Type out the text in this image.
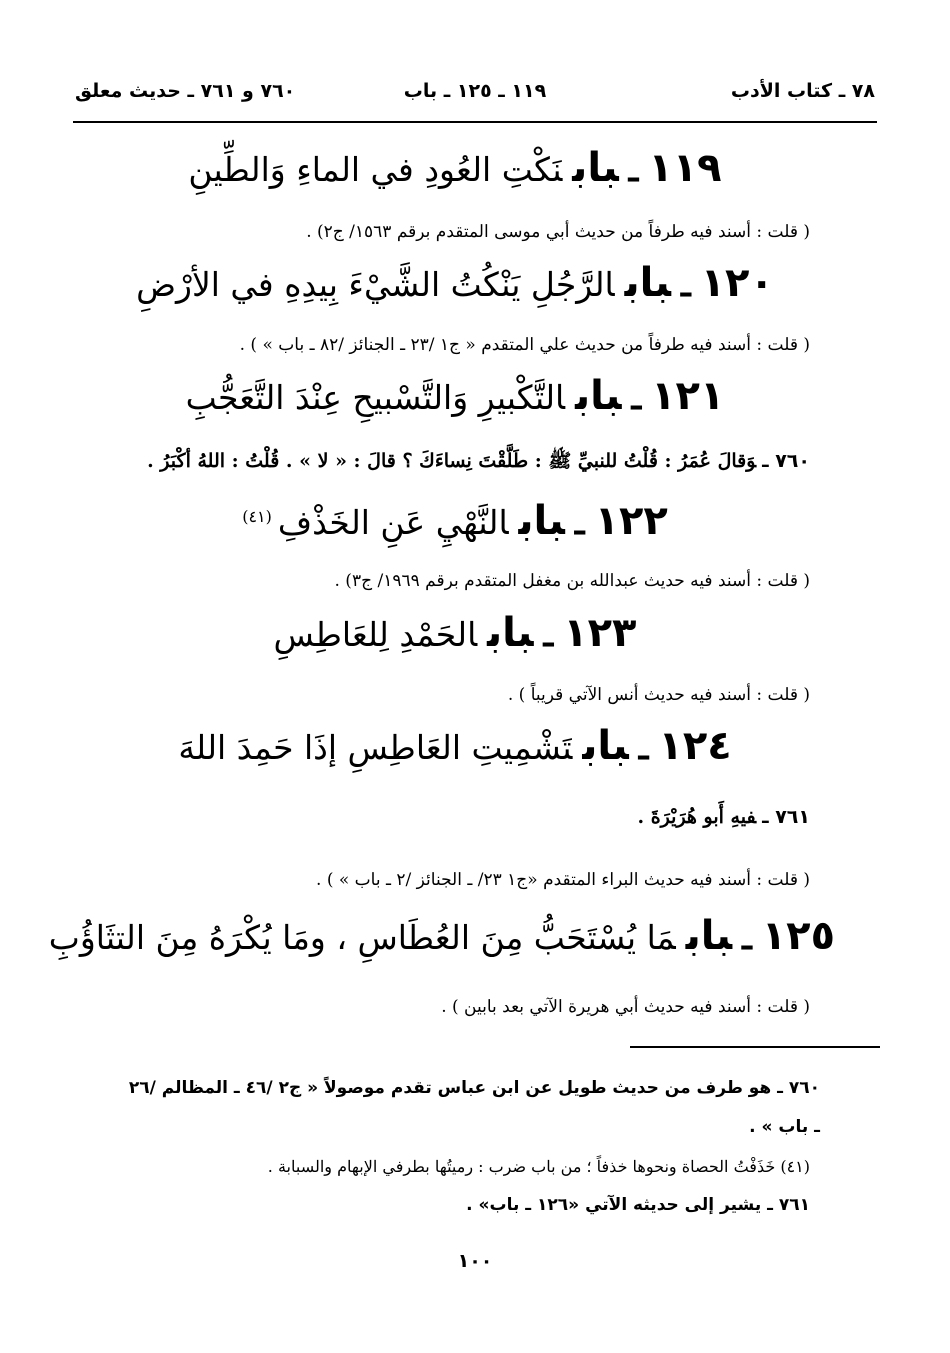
٧٨ ـ كتاب الأدب
١١٩ ـ ١٢٥ ـ باب
٧٦٠ و ٧٦١ ـ حديث معلق
١١٩ـبابنَكْتِ العُودِ في الماءِ وَالطِّينِ
( قلت : أسند فيه طرفاً من حديث أبي موسى المتقدم برقم ١٥٦٣/ ج٢) .
١٢٠ـبابالرَّجُلِ يَنْكُتُ الشَّيْءَ بِيدِهِ في الأرْضِ
( قلت : أسند فيه طرفاً من حديث علي المتقدم « ج١ /٢٣ ـ الجنائز /٨٢ ـ باب » ) .
١٢١ـبابالتَّكْبيرِ وَالتَّسْبيحِ عِنْدَ التَّعَجُّبِ
٧٦٠ ـوَقالَ عُمَرُ : قُلْتُ للنبيِّ ﷺ : طَلَّقْتَ نِساءَكَ ؟ قالَ : « لا » . قُلْتُ : اللهُ أكْبَرُ .
١٢٢ـبابالنَّهْيِ عَنِ الخَذْفِ$^{(٤١)}$
( قلت : أسند فيه حديث عبدالله بن مغفل المتقدم برقم ١٩٦٩/ ج٣) .
١٢٣ـبابالحَمْدِ لِلعَاطِسِ
( قلت : أسند فيه حديث أنس الآتي قريباً ) .
١٢٤ـبابتَشْمِيتِ العَاطِسِ إذَا حَمِدَ اللهَ
٧٦١ ـفيهِ أَبو هُرَيْرَةَ .
( قلت : أسند فيه حديث البراء المتقدم «ج١ ٢٣/ ـ الجنائز /٢ ـ باب » ) .
١٢٥ـبابمَا يُسْتَحَبُّ مِنَ العُطَاسِ ، ومَا يُكْرَهُ مِنَ التثَاؤُبِ
( قلت : أسند فيه حديث أبي هريرة الآتي بعد بابين ) .
٧٦٠ ـ هو طرف من حديث طويل عن ابن عباس تقدم موصولاً « ج٢ /٤٦ ـ المظالم /٢٦
ـ باب » .
(٤١) خَذَفْتُ الحصاة ونحوها خذفاً ؛ من باب ضرب : رميتُها بطرفي الإبهام والسبابة .
٧٦١ ـ يشير إلى حديثه الآتي «١٢٦ ـ باب» .
١٠٠
